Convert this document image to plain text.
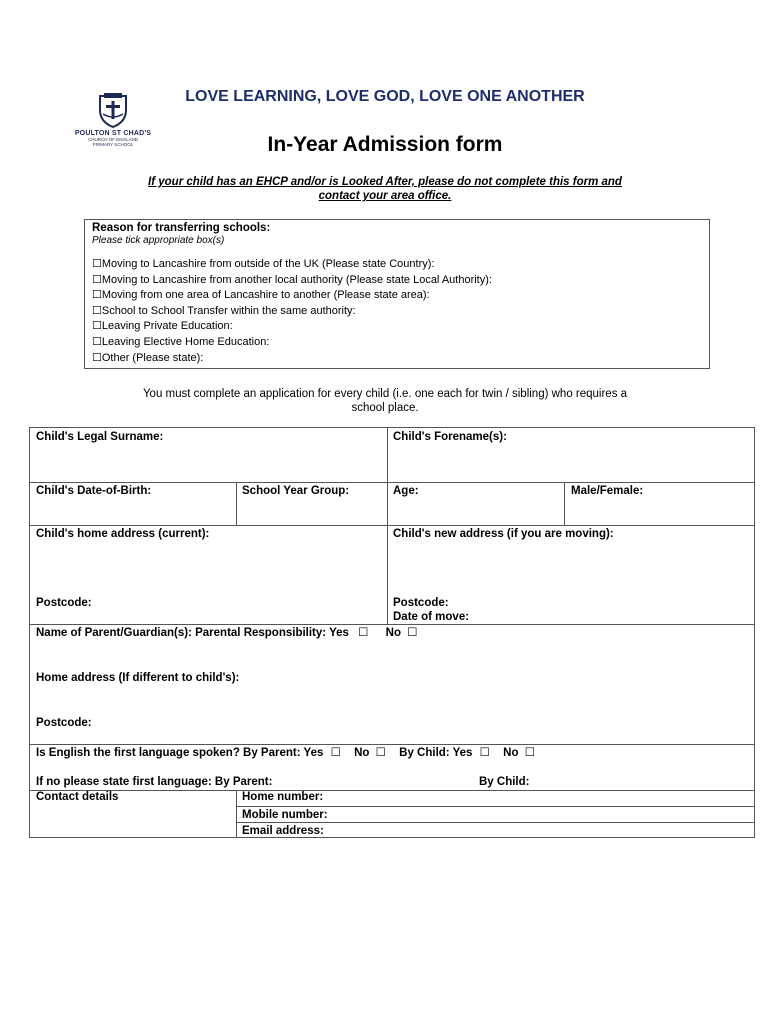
POULTON ST CHAD'S
CHURCH OF ENGLAND
PRIMARY SCHOOL
LOVE LEARNING, LOVE GOD, LOVE ONE ANOTHER
In-Year Admission form
If your child has an EHCP and/or is Looked After, please do not complete this form and
contact your area office.
Reason for transferring schools:
Please tick appropriate box(s)
☐Moving to Lancashire from outside of the UK (Please state Country):
☐Moving to Lancashire from another local authority (Please state Local Authority):
☐Moving from one area of Lancashire to another (Please state area):
☐School to School Transfer within the same authority:
☐Leaving Private Education:
☐Leaving Elective Home Education:
☐Other (Please state):
You must complete an application for every child (i.e. one each for twin / sibling) who requires a
school place.
Child's Legal Surname:	Child's Forename(s):
Child's Date-of-Birth:	School Year Group:	Age:	Male/Female:
Child's home address (current):	Child's new address (if you are moving):
Postcode:	Postcode:
Date of move:
Name of Parent/Guardian(s): Parental Responsibility: Yes ☐ No ☐
Home address (If different to child's):
Postcode:
Is English the first language spoken? By Parent: Yes ☐ No ☐ By Child: Yes ☐ No ☐
If no please state first language: By Parent:	By Child:
Contact details	Home number:
Mobile number:
Email address:
